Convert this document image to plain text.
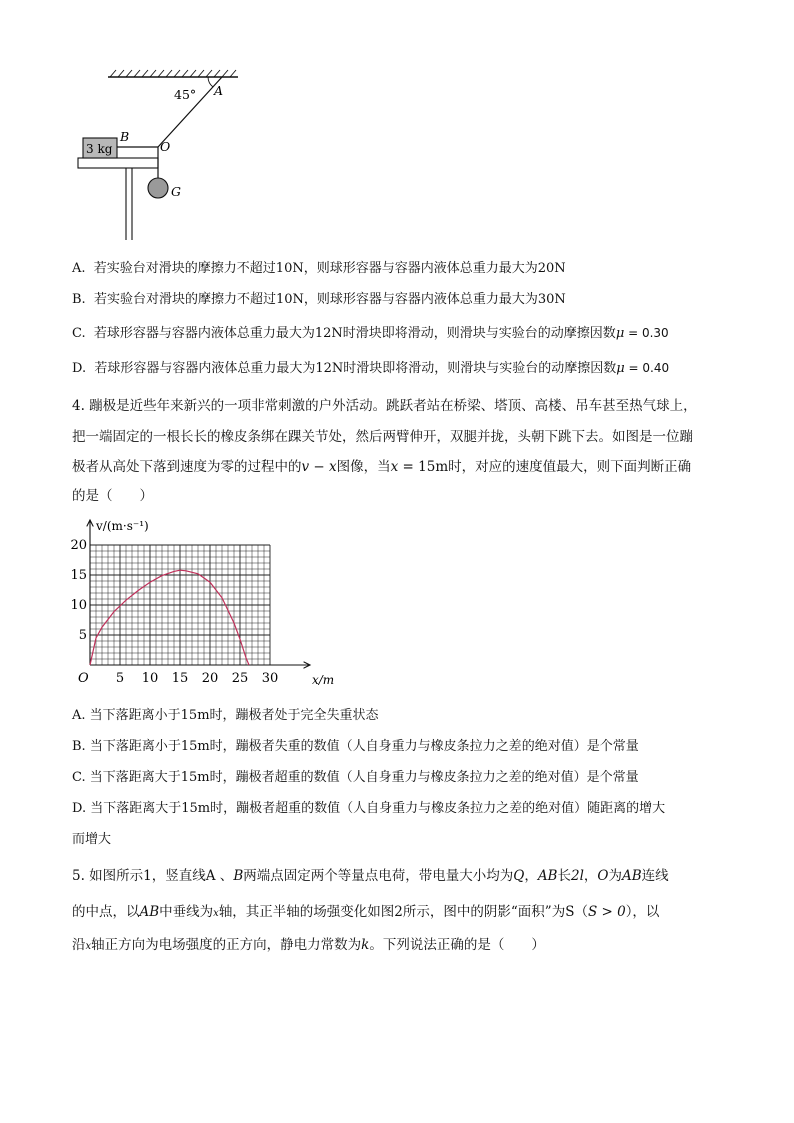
45° A
3 kg
B
O
G
A. 若实验台对滑块的摩擦力不超过10N，则球形容器与容器内液体总重力最大为20N
B. 若实验台对滑块的摩擦力不超过10N，则球形容器与容器内液体总重力最大为30N
C. 若球形容器与容器内液体总重力最大为12N时滑块即将滑动，则滑块与实验台的动摩擦因数μ = 0.30
D. 若球形容器与容器内液体总重力最大为12N时滑块即将滑动，则滑块与实验台的动摩擦因数μ = 0.40
4. 蹦极是近些年来新兴的一项非常刺激的户外活动。跳跃者站在桥梁、塔顶、高楼、吊车甚至热气球上，
把一端固定的一根长长的橡皮条绑在踝关节处，然后两臂伸开，双腿并拢，头朝下跳下去。如图是一位蹦
极者从高处下落到速度为零的过程中的v − x图像，当x = 15m时，对应的速度值最大，则下面判断正确
的是（　　）
v/(m·s⁻¹)
x/m
O 5 10 15 20 25 30
5
10
15
20
A. 当下落距离小于15m时，蹦极者处于完全失重状态
B. 当下落距离小于15m时，蹦极者失重的数值（人自身重力与橡皮条拉力之差的绝对值）是个常量
C. 当下落距离大于15m时，蹦极者超重的数值（人自身重力与橡皮条拉力之差的绝对值）是个常量
D. 当下落距离大于15m时，蹦极者超重的数值（人自身重力与橡皮条拉力之差的绝对值）随距离的增大
而增大
5. 如图所示1，竖直线A 、B两端点固定两个等量点电荷，带电量大小均为Q，AB长2l，O为AB连线
的中点，以AB中垂线为x轴，其正半轴的场强变化如图2所示，图中的阴影“面积”为S（S > 0），以
沿x轴正方向为电场强度的正方向，静电力常数为k。下列说法正确的是（　　）
